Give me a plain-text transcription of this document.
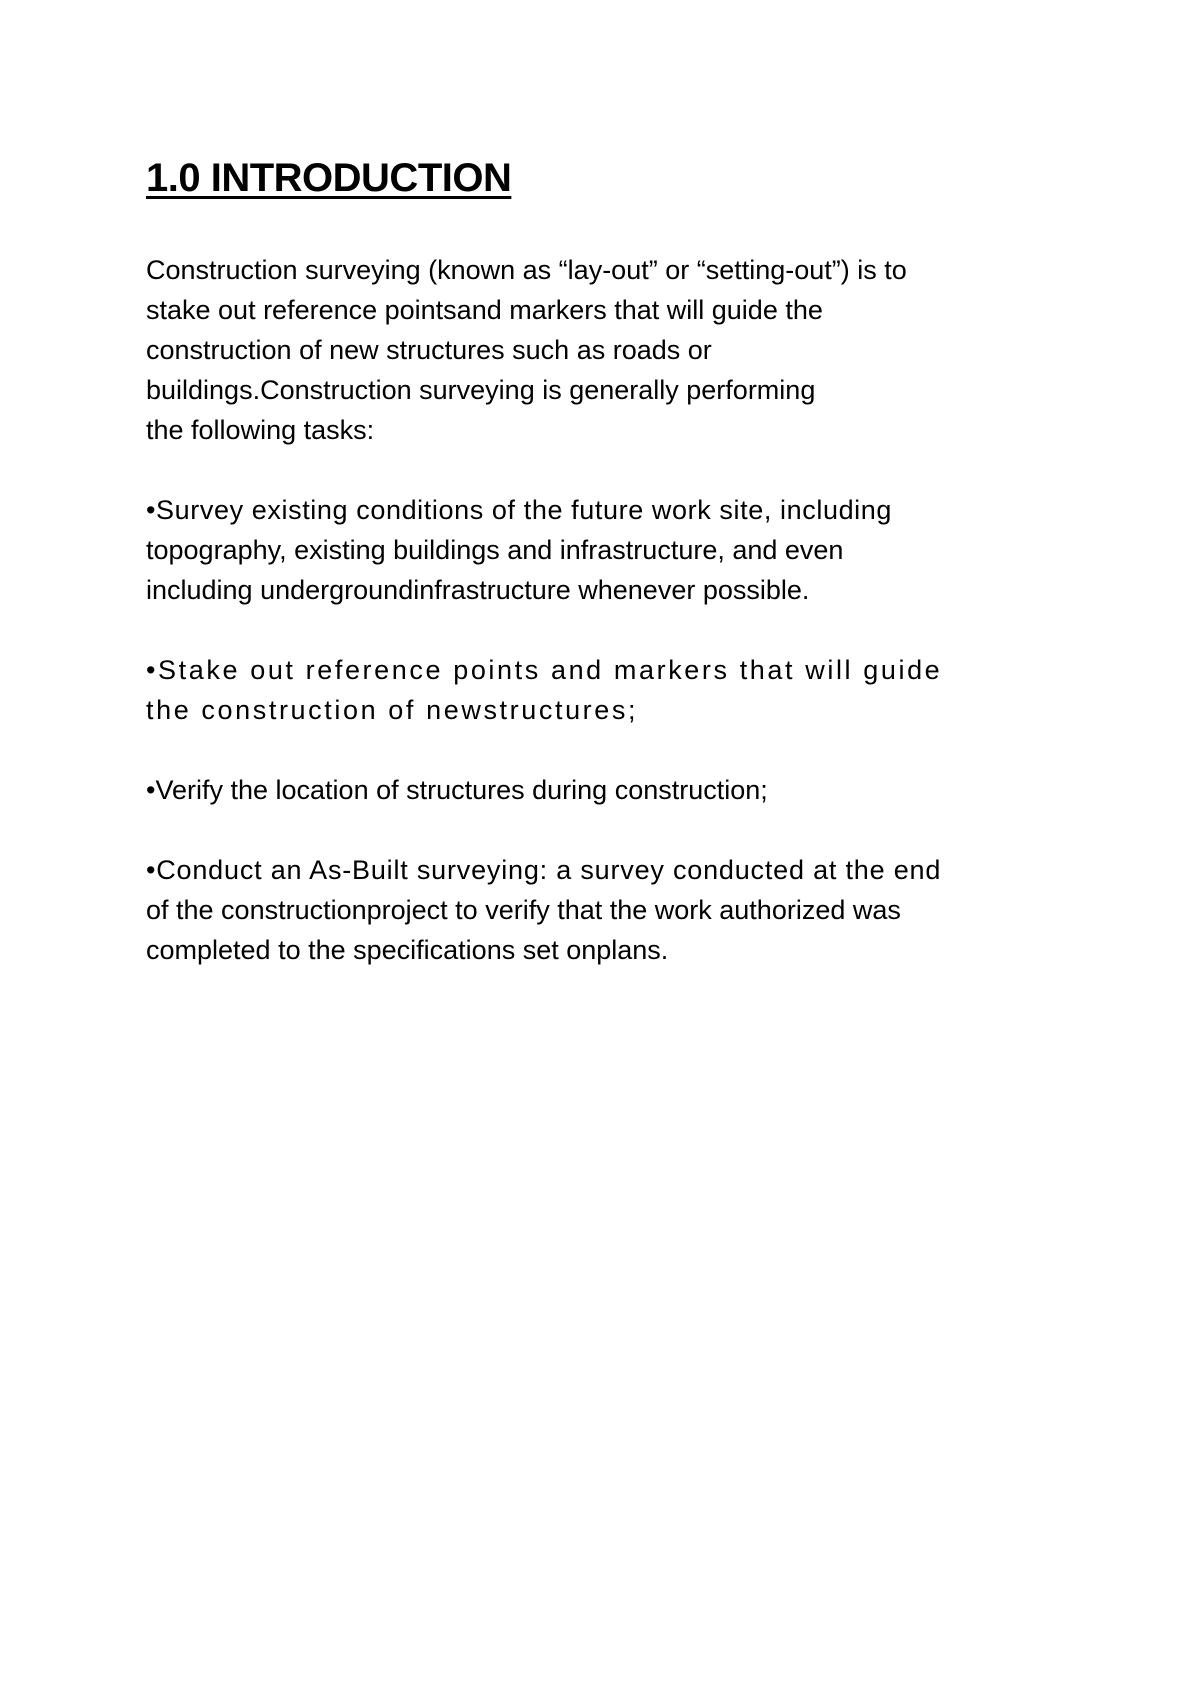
1.0 INTRODUCTION

Construction surveying (known as “lay-out” or “setting-out”) is to
stake out reference pointsand markers that will guide the
construction of new structures such as roads or
buildings.Construction surveying is generally performing
the following tasks:

•Survey existing conditions of the future work site, including
topography, existing buildings and infrastructure, and even
including undergroundinfrastructure whenever possible.

•Stake out reference points and markers that will guide
the construction of newstructures;

•Verify the location of structures during construction;

•Conduct an As-Built surveying: a survey conducted at the end
of the constructionproject to verify that the work authorized was
completed to the specifications set onplans.
